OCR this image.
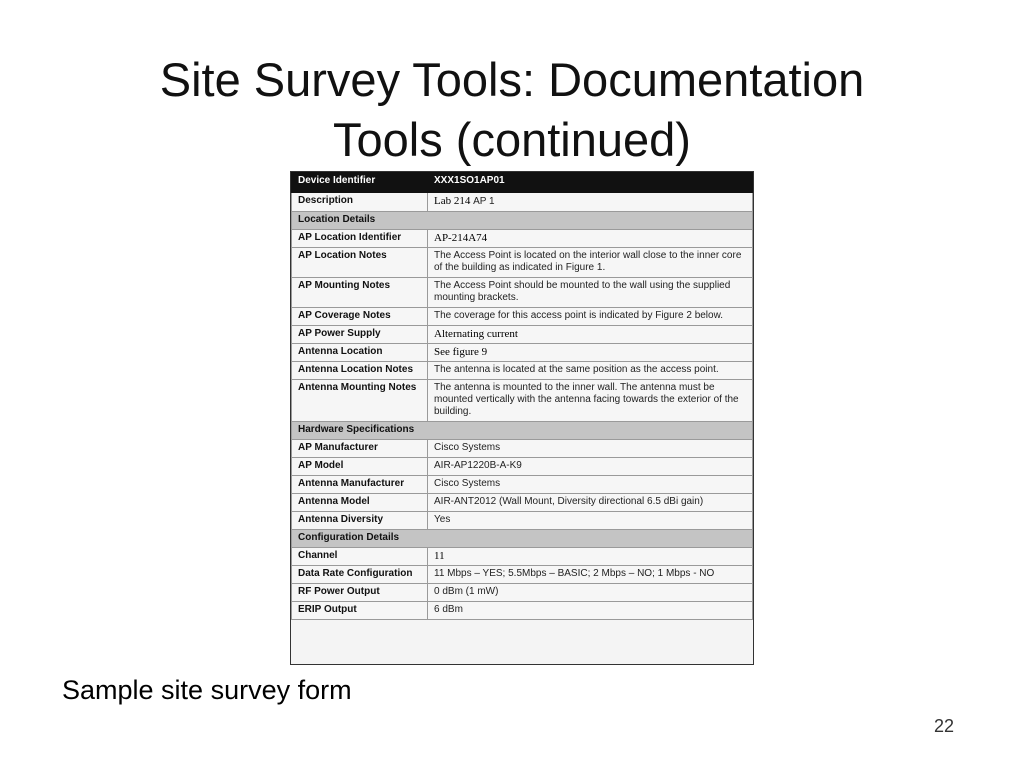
Site Survey Tools: Documentation
Tools (continued)
Device Identifier	XXX1SO1AP01
Description	Lab 214 AP 1
Location Details	
AP Location Identifier	AP-214A74
AP Location Notes	The Access Point is located on the interior wall close to the inner core of the building as indicated in Figure 1.
AP Mounting Notes	The Access Point should be mounted to the wall using the supplied mounting brackets.
AP Coverage Notes	The coverage for this access point is indicated by Figure 2 below.
AP Power Supply	Alternating current
Antenna Location	See figure 9
Antenna Location Notes	The antenna is located at the same position as the access point.
Antenna Mounting Notes	The antenna is mounted to the inner wall. The antenna must be mounted vertically with the antenna facing towards the exterior of the building.
Hardware Specifications	
AP Manufacturer	Cisco Systems
AP Model	AIR-AP1220B-A-K9
Antenna Manufacturer	Cisco Systems
Antenna Model	AIR-ANT2012 (Wall Mount, Diversity directional 6.5 dBi gain)
Antenna Diversity	Yes
Configuration Details	
Channel	11
Data Rate Configuration	11 Mbps – YES; 5.5Mbps – BASIC; 2 Mbps – NO; 1 Mbps - NO
RF Power Output	0 dBm (1 mW)
ERIP Output	6 dBm
Sample site survey form
22
